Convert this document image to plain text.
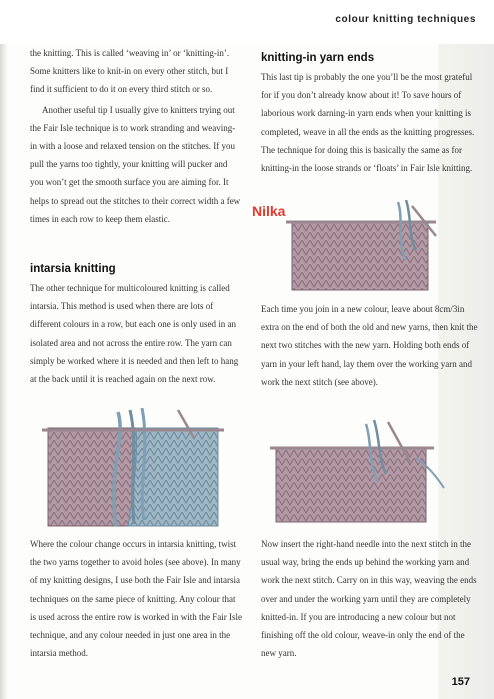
colour knitting techniques

the knitting. This is called ‘weaving in’ or ‘knitting-in’. Some knitters like to knit-in on every other stitch, but I find it sufficient to do it on every third stitch or so.

Another useful tip I usually give to knitters trying out the Fair Isle technique is to work stranding and weaving-in with a loose and relaxed tension on the stitches. If you pull the yarns too tightly, your knitting will pucker and you won’t get the smooth surface you are aiming for. It helps to spread out the stitches to their correct width a few times in each row to keep them elastic.

intarsia knitting

The other technique for multicoloured knitting is called intarsia. This method is used when there are lots of different colours in a row, but each one is only used in an isolated area and not across the entire row. The yarn can simply be worked where it is needed and then left to hang at the back until it is reached again on the next row.

Where the colour change occurs in intarsia knitting, twist the two yarns together to avoid holes (see above). In many of my knitting designs, I use both the Fair Isle and intarsia techniques on the same piece of knitting. Any colour that is used across the entire row is worked in with the Fair Isle technique, and any colour needed in just one area in the intarsia method.

knitting-in yarn ends

This last tip is probably the one you’ll be the most grateful for if you don’t already know about it! To save hours of laborious work darning-in yarn ends when your knitting is completed, weave in all the ends as the knitting progresses. The technique for doing this is basically the same as for knitting-in the loose strands or ‘floats’ in Fair Isle knitting.

Nilka

Each time you join in a new colour, leave about 8cm/3in extra on the end of both the old and new yarns, then knit the next two stitches with the new yarn. Holding both ends of yarn in your left hand, lay them over the working yarn and work the next stitch (see above).

Now insert the right-hand needle into the next stitch in the usual way, bring the ends up behind the working yarn and work the next stitch. Carry on in this way, weaving the ends over and under the working yarn until they are completely knitted-in. If you are introducing a new colour but not finishing off the old colour, weave-in only the end of the new yarn.

157
